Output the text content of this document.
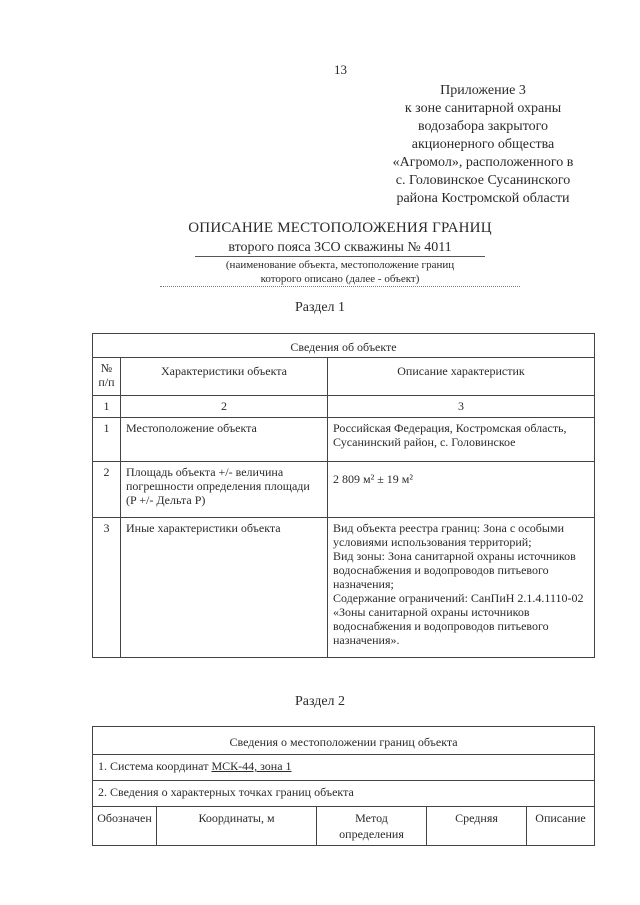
13
Приложение 3
к зоне санитарной охраны
водозабора закрытого
акционерного общества
«Агромол», расположенного в
с. Головинское Сусанинского
района Костромской области
ОПИСАНИЕ МЕСТОПОЛОЖЕНИЯ ГРАНИЦ
второго пояса ЗСО скважины № 4011
(наименование объекта, местоположение границ
которого описано (далее - объект)
Раздел 1
Сведения об объекте		
№
п/п	Характеристики объекта	Описание характеристик
1	2	3
1	Местоположение объекта	Российская Федерация, Костромская область, Сусанинский район, с. Головинское
2	Площадь объекта +/- величина погрешности определения площади (P +/- Дельта P)	2 809 м² ± 19 м²
3	Иные характеристики объекта	Вид объекта реестра границ: Зона с особыми условиями использования территорий;
Вид зоны: Зона санитарной охраны источников водоснабжения и водопроводов питьевого назначения;
Содержание ограничений: СанПиН 2.1.4.1110-02 «Зоны санитарной охраны источников водоснабжения и водопроводов питьевого назначения».
Раздел 2
Сведения о местоположении границ объекта
1. Система координат МСК-44, зона 1
2. Сведения о характерных точках границ объекта
Обозначен	Координаты, м	Метод определения	Средняя	Описание
